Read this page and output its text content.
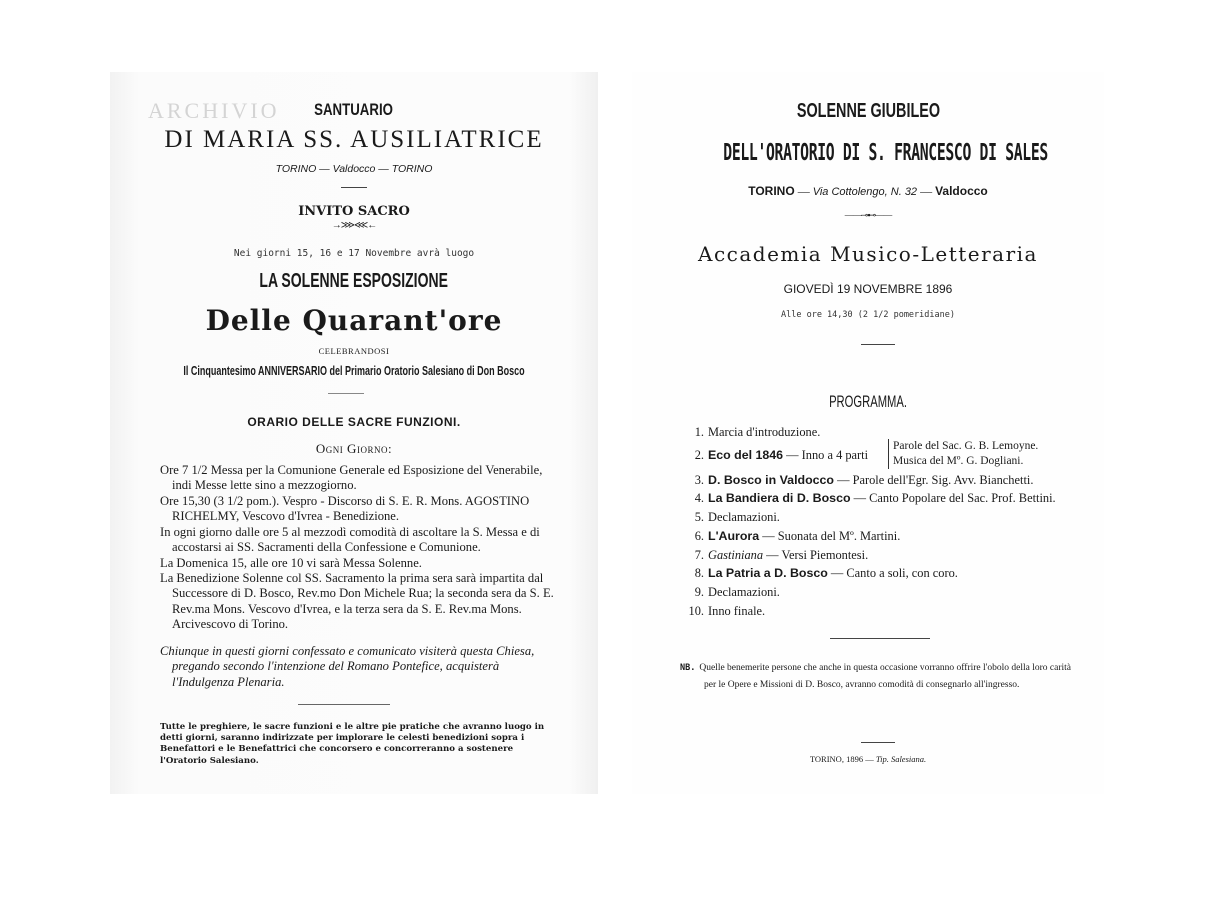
ARCHIVIO	SANTUARIO
DI MARIA SS. AUSILIATRICE
TORINO — Valdocco — TORINO
INVITO SACRO
→⋙⋘←
Nei giorni 15, 16 e 17 Novembre avrà luogo
LA SOLENNE ESPOSIZIONE
Delle Quarant'ore
CELEBRANDOSI
Il Cinquantesimo ANNIVERSARIO del Primario Oratorio Salesiano di Don Bosco
ORARIO DELLE SACRE FUNZIONI.
Ogni Giorno:
Ore 7 1/2 Messa per la Comunione Generale ed Esposizione del Venerabile, indi Messe lette sino a mezzogiorno.
Ore 15,30 (3 1/2 pom.). Vespro - Discorso di S. E. R. Mons. AGOSTINO RICHELMY, Vescovo d'Ivrea - Benedizione.
In ogni giorno dalle ore 5 al mezzodì comodità di ascoltare la S. Messa e di accostarsi ai SS. Sacramenti della Confessione e Comunione.
La Domenica 15, alle ore 10 vi sarà Messa Solenne.
La Benedizione Solenne col SS. Sacramento la prima sera sarà impartita dal Successore di D. Bosco, Rev.mo Don Michele Rua; la seconda sera da S. E. Rev.ma Mons. Vescovo d'Ivrea, e la terza sera da S. E. Rev.ma Mons. Arcivescovo di Torino.
Chiunque in questi giorni confessato e comunicato visiterà questa Chiesa, pregando secondo l'intenzione del Romano Pontefice, acquisterà l'Indulgenza Plenaria.
Tutte le preghiere, le sacre funzioni e le altre pie pratiche che avranno luogo in detti giorni, saranno indirizzate per implorare le celesti benedizioni sopra i Benefattori e le Benefattrici che concorsero e concorreranno a sostenere l'Oratorio Salesiano.
SOLENNE GIUBILEO
DELL'ORATORIO DI S. FRANCESCO DI SALES
TORINO — Via Cottolengo, N. 32 — Valdocco
——⊸⊷——
Accademia Musico-Letteraria
GIOVEDÌ 19 NOVEMBRE 1896
Alle ore 14,30 (2 1/2 pomeridiane)
PROGRAMMA.
1. Marcia d'introduzione.
2. Eco del 1846 — Inno a 4 parti
Parole del Sac. G. B. Lemoyne.
Musica del Mº. G. Dogliani.
3. D. Bosco in Valdocco — Parole dell'Egr. Sig. Avv. Bianchetti.
4. La Bandiera di D. Bosco — Canto Popolare del Sac. Prof. Bettini.
5. Declamazioni.
6. L'Aurora — Suonata del Mº. Martini.
7. Gastiniana — Versi Piemontesi.
8. La Patria a D. Bosco — Canto a soli, con coro.
9. Declamazioni.
10. Inno finale.
NB. Quelle benemerite persone che anche in questa occasione vorranno offrire l'obolo della loro carità per le Opere e Missioni di D. Bosco, avranno comodità di consegnarlo all'ingresso.
TORINO, 1896 — Tip. Salesiana.
